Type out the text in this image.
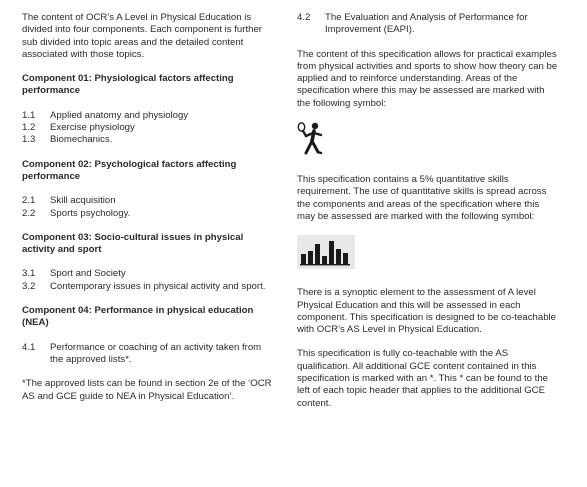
The content of OCR’s A Level in Physical Education is divided into four components. Each component is further sub divided into topic areas and the detailed content associated with those topics.

Component 01: Physiological factors affecting performance

1.1	Applied anatomy and physiology
1.2	Exercise physiology
1.3	Biomechanics.

Component 02: Psychological factors affecting performance

2.1	Skill acquisition
2.2	Sports psychology.

Component 03: Socio-cultural issues in physical activity and sport

3.1	Sport and Society
3.2	Contemporary issues in physical activity and sport.

Component 04: Performance in physical education (NEA)

4.1	Performance or coaching of an activity taken from the approved lists*.

*The approved lists can be found in section 2e of the ‘OCR AS and GCE guide to NEA in Physical Education’.

4.2	The Evaluation and Analysis of Performance for Improvement (EAPI).

The content of this specification allows for practical examples from physical activities and sports to show how theory can be applied and to reinforce understanding. Areas of the specification where this may be assessed are marked with the following symbol:

This specification contains a 5% quantitative skills requirement. The use of quantitative skills is spread across the components and areas of the specification where this may be assessed are marked with the following symbol:

There is a synoptic element to the assessment of A level Physical Education and this will be assessed in each component. This specification is designed to be co-teachable with OCR’s AS Level in Physical Education.

This specification is fully co-teachable with the AS qualification. All additional GCE content contained in this specification is marked with an *. This * can be found to the left of each topic header that applies to the additional GCE content.
